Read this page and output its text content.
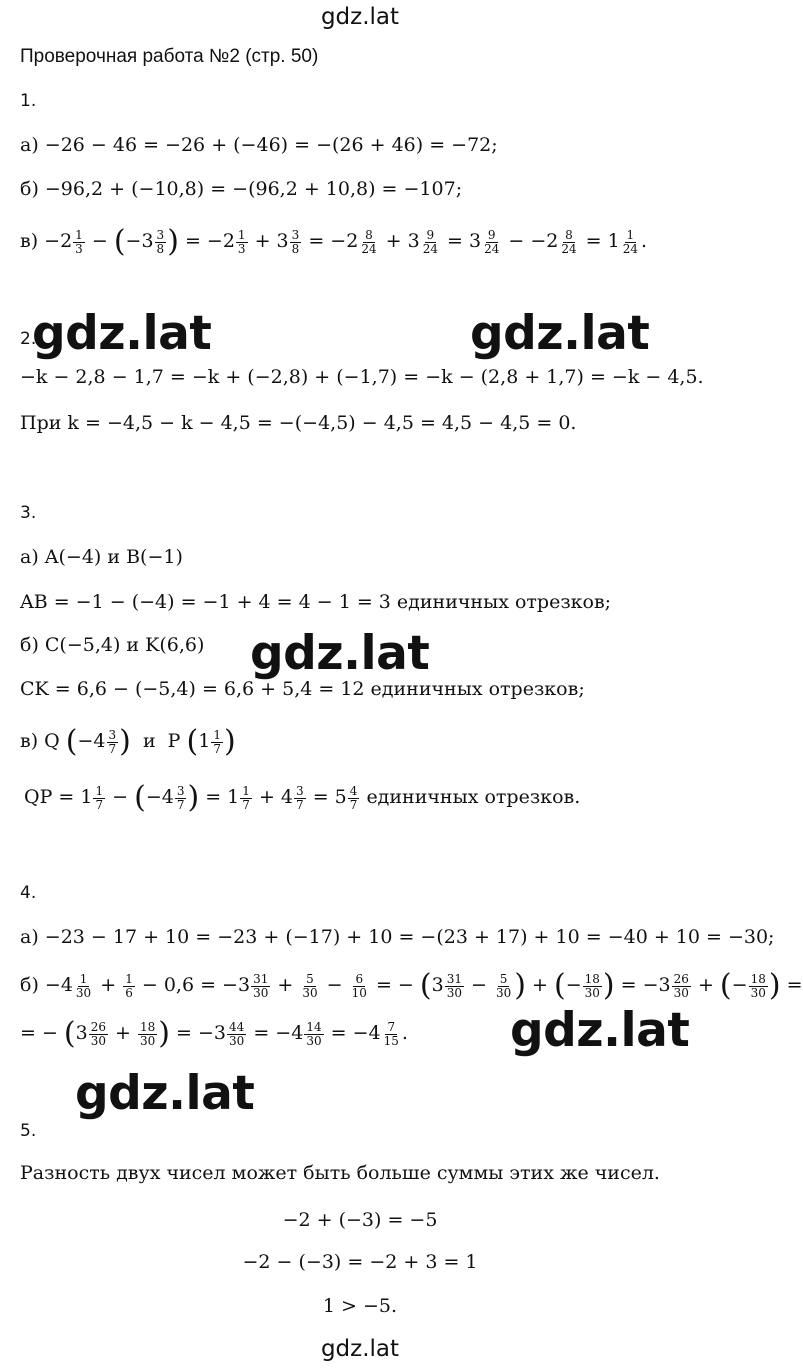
gdz.lat
gdz.lat
Проверочная работа №2 (стр. 50)
1.
а) −26 − 46 = −26 + (−46) = −(26 + 46) = −72;
б) −96,2 + (−10,8) = −(96,2 + 10,8) = −107;
$в) -2 \frac{1}{3} - (-3 \frac{3}{8}$ ) = $-2 \frac{1}{3} + 3 \frac{3}{8} = -2 \frac{8}{24} + 3 \frac{9}{24} = 3 \frac{9}{24} - -2 \frac{8}{24} = 1 \frac{1}{24}$ .
2.
−k − 2,8 − 1,7 = −k + (−2,8) + (−1,7) = −k − (2,8 + 1,7) = −k − 4,5.
При k = −4,5 − k − 4,5 = −(−4,5) − 4,5 = 4,5 − 4,5 = 0.
3.
а) A(−4) и B(−1)
AB = −1 − (−4) = −1 + 4 = 4 − 1 = 3 единичных отрезков;
б) C(−5,4) и K(6,6)
CK = 6,6 − (−5,4) = 6,6 + 5,4 = 12 единичных отрезков;
в) Q ($-4 \frac{3}{7}$ )  и  P ($1 \frac{1}{7}$ )
QP = $1 \frac{1}{7} - (-4 \frac{3}{7}$ ) = $1 \frac{1}{7} + 4 \frac{3}{7} = 5 \frac{4}{7}$ единичных отрезков.
4.
а) −23 − 17 + 10 = −23 + (−17) + 10 = −(23 + 17) + 10 = −40 + 10 = −30;
$б) -4 \frac{1}{30} + \frac{1}{6} - 0,6 = -3 \frac{31}{30} + \frac{5}{30} - \frac{6}{10}$ = − ($3 \frac{31}{30} - \frac{5}{30}$ ) + (− $\frac{18}{30}$ ) = $-3 \frac{26}{30}$ + (− $\frac{18}{30}$ ) =
= − ($3 \frac{26}{30} + \frac{18}{30}$ ) = $-3 \frac{44}{30} = -4 \frac{14}{30} = -4 \frac{7}{15}$ .
5.
Разность двух чисел может быть больше суммы этих же чисел.
−2 + (−3) = −5
−2 − (−3) = −2 + 3 = 1
1 > −5.
gdz.lat	gdz.lat
gdz.lat
gdz.lat
gdz.lat
